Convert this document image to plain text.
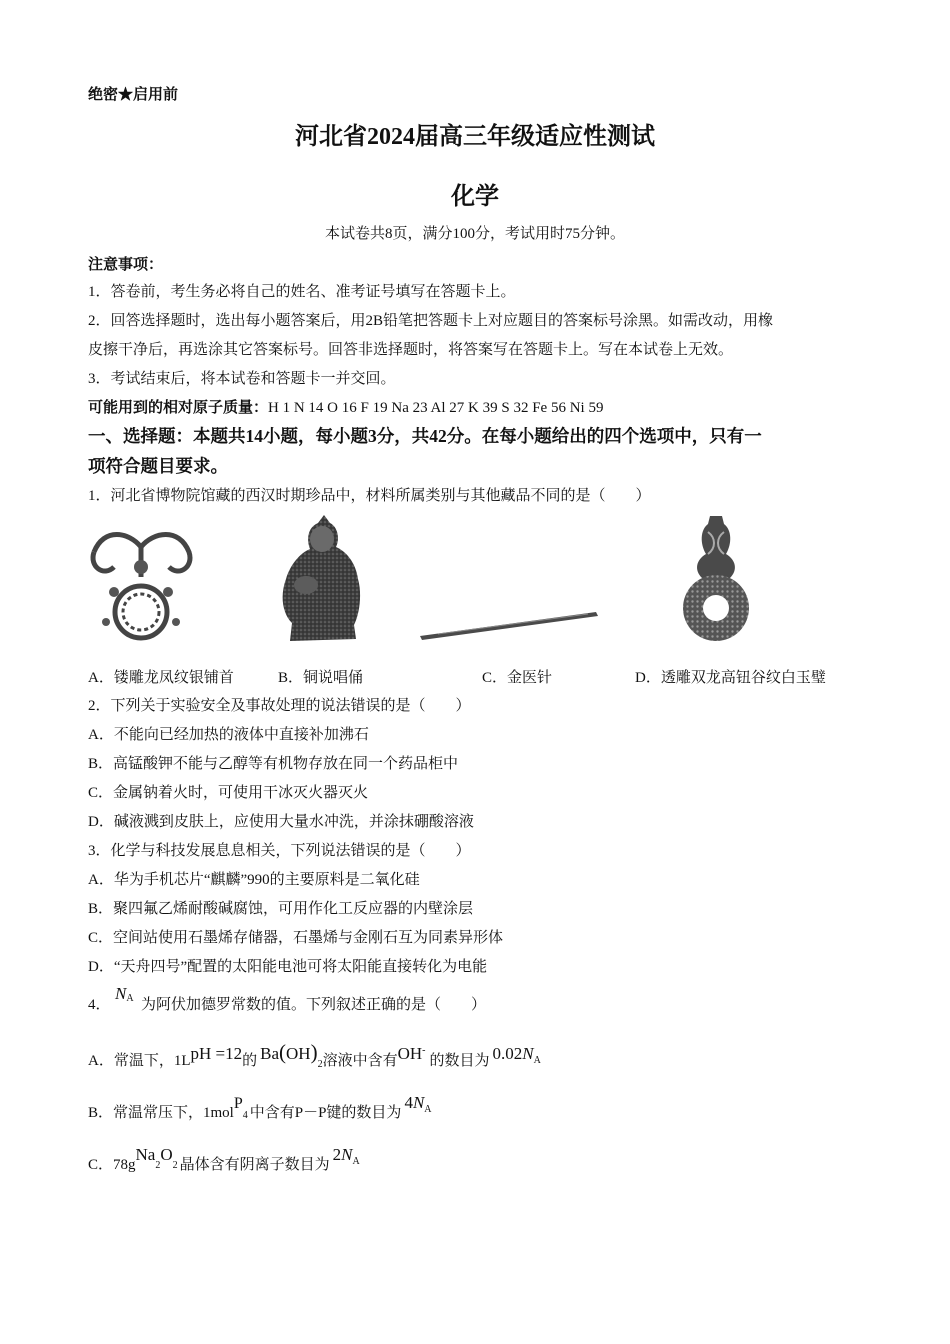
绝密★启用前
河北省2024届高三年级适应性测试
化学
本试卷共8页，满分100分，考试用时75分钟。
注意事项：
1．答卷前，考生务必将自己的姓名、准考证号填写在答题卡上。
2．回答选择题时，选出每小题答案后，用2B铅笔把答题卡上对应题目的答案标号涂黑。如需改动，用橡
皮擦干净后，再选涂其它答案标号。回答非选择题时，将答案写在答题卡上。写在本试卷上无效。
3．考试结束后，将本试卷和答题卡一并交回。
可能用到的相对原子质量：H 1 N 14 O 16 F 19 Na 23 Al 27 K 39 S 32 Fe 56 Ni 59
一、选择题：本题共14小题，每小题3分，共42分。在每小题给出的四个选项中，只有一
项符合题目要求。
1．河北省博物院馆藏的西汉时期珍品中，材料所属类别与其他藏品不同的是（　　）
A．镂雕龙凤纹银铺首	B．铜说唱俑	C．金医针	D．透雕双龙高钮谷纹白玉璧
2．下列关于实验安全及事故处理的说法错误的是（　　）
A．不能向已经加热的液体中直接补加沸石
B．高锰酸钾不能与乙醇等有机物存放在同一个药品柜中
C．金属钠着火时，可使用干冰灭火器灭火
D．碱液溅到皮肤上，应使用大量水冲洗，并涂抹硼酸溶液
3．化学与科技发展息息相关，下列说法错误的是（　　）
A．华为手机芯片“麒麟”990的主要原料是二氧化硅
B．聚四氟乙烯耐酸碱腐蚀，可用作化工反应器的内壁涂层
C．空间站使用石墨烯存储器，石墨烯与金刚石互为同素异形体
D．“天舟四号”配置的太阳能电池可将太阳能直接转化为电能
4．
$N_A$ 为阿伏加德罗常数的值。下列叙述正确的是（　　）
A．常温下，1LpH =12的 $Ba(OH)_2$溶液中含有OH-的数目为 $0.02N_A$
B．常温常压下，1molP$_4$ 中含有P－P键的数目为$4N_A$
C．$78gNa_2O_2$ 晶体含有阴离子数目为$2N_A$
